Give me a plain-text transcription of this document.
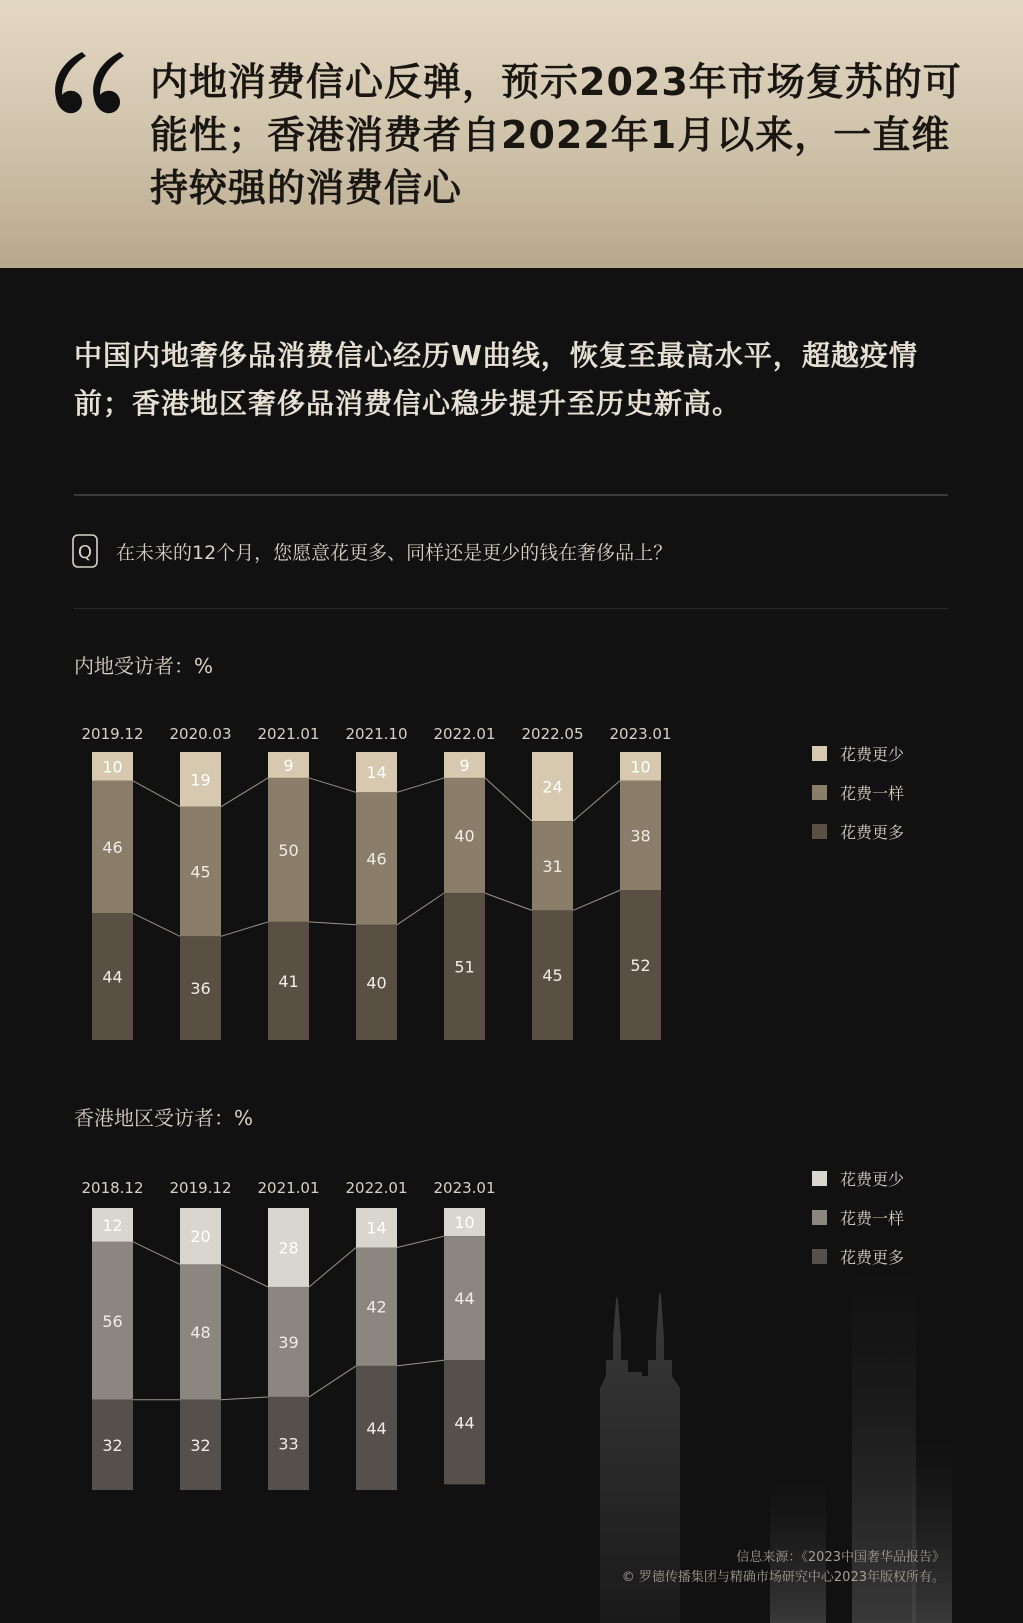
内地消费信心反弹，预示2023年市场复苏的可能性；香港消费者自2022年1月以来，一直维持较强的消费信心
中国内地奢侈品消费信心经历W曲线，恢复至最高水平，超越疫情前；香港地区奢侈品消费信心稳步提升至历史新高。
Q 在未来的12个月，您愿意花更多、同样还是更少的钱在奢侈品上？
内地受访者：%
香港地区受访者：%
10
46
44
2019.12
19
45
36
2020.03
9
50
41
2021.01
14
46
40
2021.10
9
40
51
2022.01
24
31
45
2022.05
10
38
52
2023.01
花费更少
花费一样
花费更多
12
56
32
2018.12
20
48
32
2019.12
28
39
33
2021.01
14
42
44
2022.01
10
44
44
2023.01	花费更少
花费一样
花费更多
信息来源：《2023中国奢华品报告》
© 罗德传播集团与精确市场研究中心2023年版权所有。
